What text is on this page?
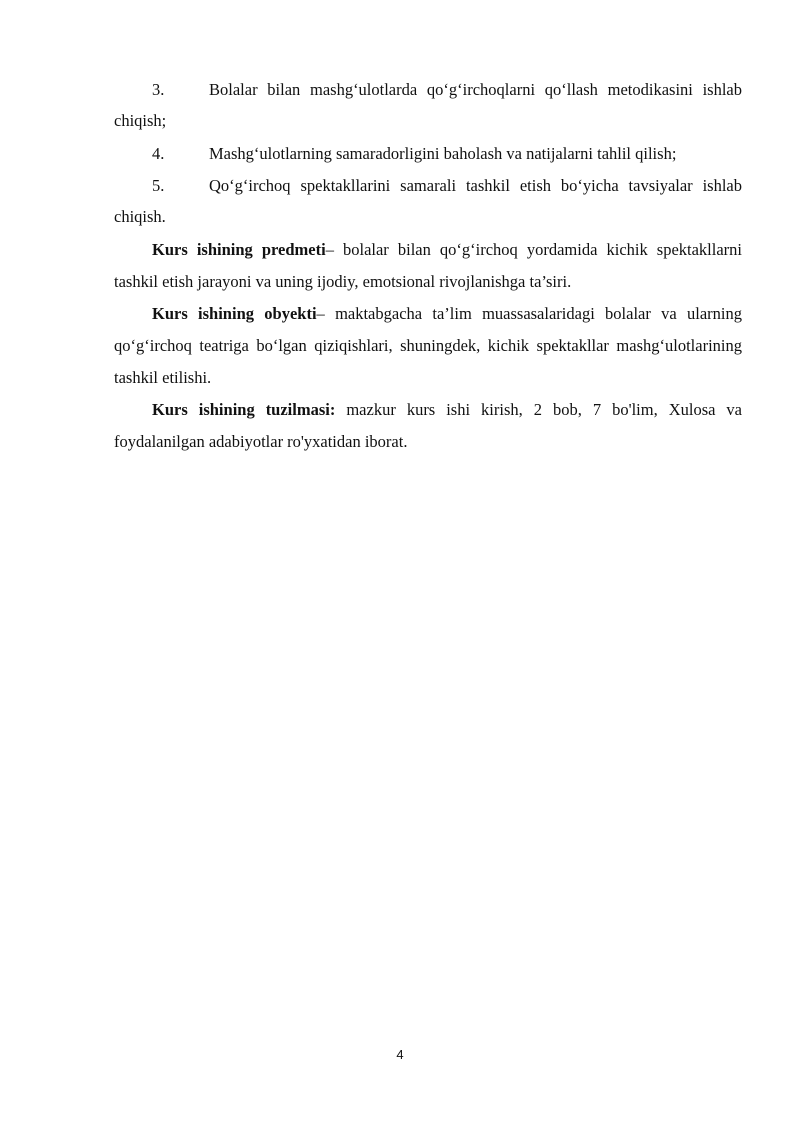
3.	Bolalar bilan mashg‘ulotlarda qo‘g‘irchoqlarni qo‘llash metodikasini ishlab chiqish;
4.	Mashg‘ulotlarning samaradorligini baholash va natijalarni tahlil qilish;
5.	Qo‘g‘irchoq spektakllarini samarali tashkil etish bo‘yicha tavsiyalar ishlab chiqish.
Kurs ishining predmeti– bolalar bilan qo‘g‘irchoq yordamida kichik spektakllarni tashkil etish jarayoni va uning ijodiy, emotsional rivojlanishga ta’siri.
Kurs ishining obyekti– maktabgacha ta’lim muassasalaridagi bolalar va ularning qo‘g‘irchoq teatriga bo‘lgan qiziqishlari, shuningdek, kichik spektakllar mashg‘ulotlarining tashkil etilishi.
Kurs ishining tuzilmasi: mazkur kurs ishi kirish, 2 bob, 7 bo'lim, Xulosa va foydalanilgan adabiyotlar ro'yxatidan iborat.
4
